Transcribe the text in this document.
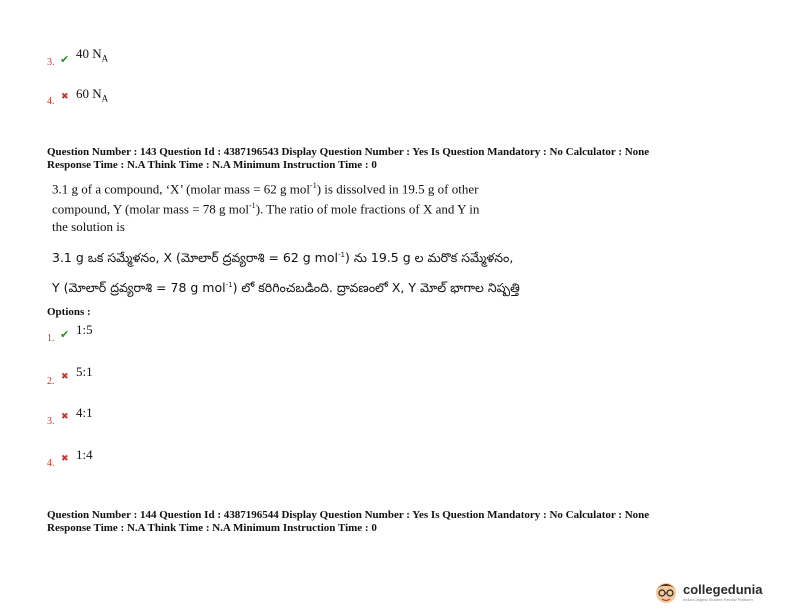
3. ✔ 40 $N_A$
4. ✖ 60 $N_A$
Question Number : 143 Question Id : 4387196543 Display Question Number : Yes Is Question Mandatory : No Calculator : None
Response Time : N.A Think Time : N.A Minimum Instruction Time : 0
3.1 g of a compound, ‘X’ (molar mass = 62 g mol$^{-1}$) is dissolved in 19.5 g of other
compound, Y (molar mass = 78 g mol$^{-1}$). The ratio of mole fractions of X and Y in
the solution is
3.1 g ఒక సమ్మేళనం, X (మోలార్ ద్రవ్యరాశి = 62 g mol$^{-1}$) ను 19.5 g ల మరొక సమ్మేళనం,
Y (మోలార్ ద్రవ్యరాశి = 78 g mol$^{-1}$) లో కరిగించబడింది. ద్రావణంలో X, Y మోల్ భాగాల నిష్పత్తి
Options :
1. ✔ 1:5
2. ✖ 5:1
3. ✖ 4:1
4. ✖ 1:4
Question Number : 144 Question Id : 4387196544 Display Question Number : Yes Is Question Mandatory : No Calculator : None
Response Time : N.A Think Time : N.A Minimum Instruction Time : 0
collegedunia
India's largest Student Review Platform
